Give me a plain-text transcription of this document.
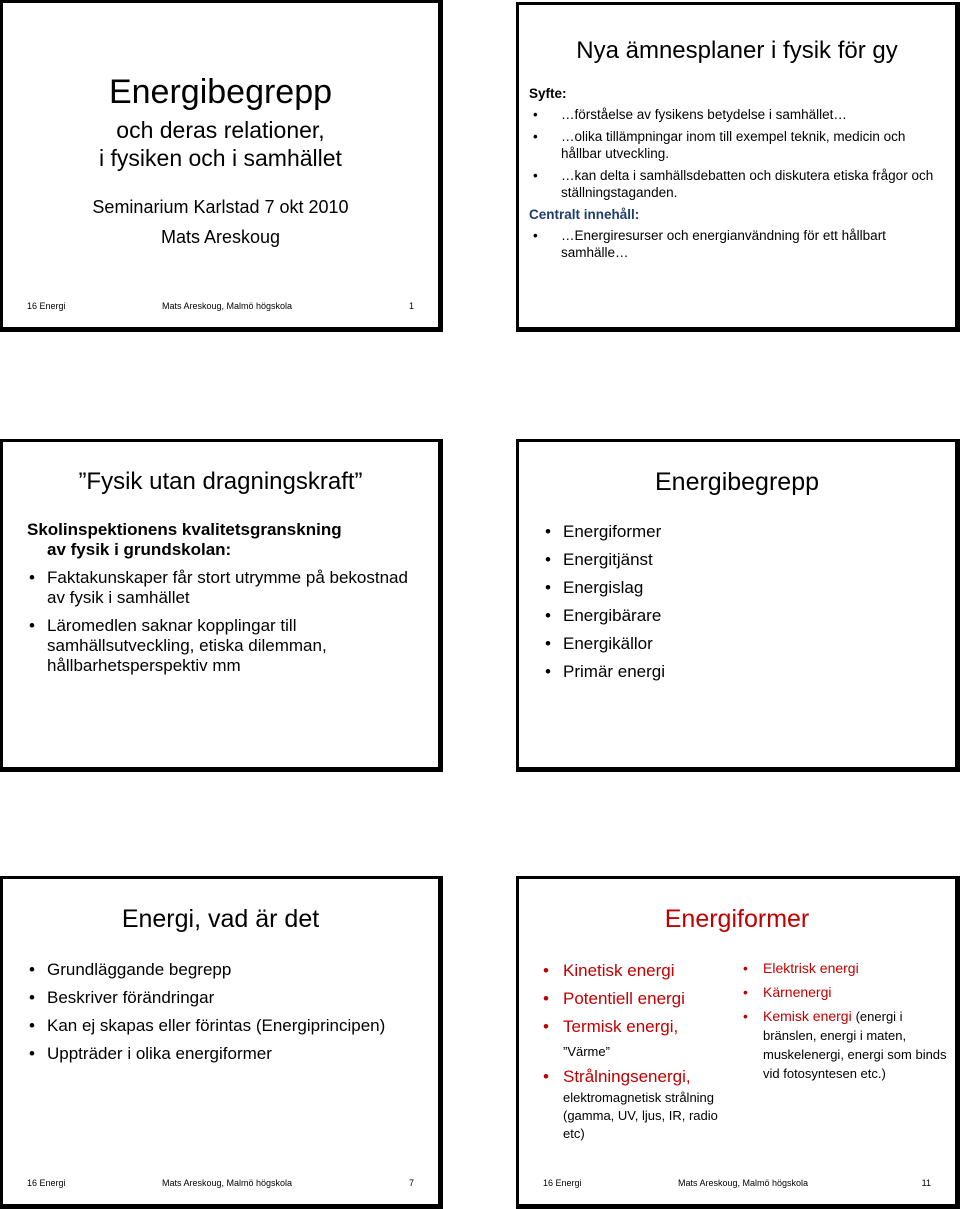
Energibegrepp
och deras relationer,
i fysiken och i samhället
Seminarium Karlstad 7 okt 2010
Mats Areskoug
16 Energi	Mats Areskoug, Malmö högskola	1
Nya ämnesplaner i fysik för gy
Syfte:
• …förståelse av fysikens betydelse i samhället…
• …olika tillämpningar inom till exempel teknik, medicin och hållbar utveckling.
• …kan delta i samhällsdebatten och diskutera etiska frågor och ställningstaganden.
Centralt innehåll:
• …Energiresurser och energianvändning för ett hållbart samhälle…
”Fysik utan dragningskraft”
Skolinspektionens kvalitetsgranskning
av fysik i grundskolan:
• Faktakunskaper får stort utrymme på bekostnad av fysik i samhället
• Läromedlen saknar kopplingar till samhällsutveckling, etiska dilemman, hållbarhetsperspektiv mm
Energibegrepp
• Energiformer
• Energitjänst
• Energislag
• Energibärare
• Energikällor
• Primär energi
Energi, vad är det
• Grundläggande begrepp
• Beskriver förändringar
• Kan ej skapas eller förintas (Energiprincipen)
• Uppträder i olika energiformer
16 Energi	Mats Areskoug, Malmö högskola	7
Energiformer
• Kinetisk energi
• Potentiell energi
• Termisk energi,
”Värme”
• Strålningsenergi,
elektromagnetisk strålning (gamma, UV, ljus, IR, radio etc)
• Elektrisk energi
• Kärnenergi
• Kemisk energi (energi i bränslen, energi i maten, muskelenergi, energi som binds vid fotosyntesen etc.)
16 Energi	Mats Areskoug, Malmö högskola	11
